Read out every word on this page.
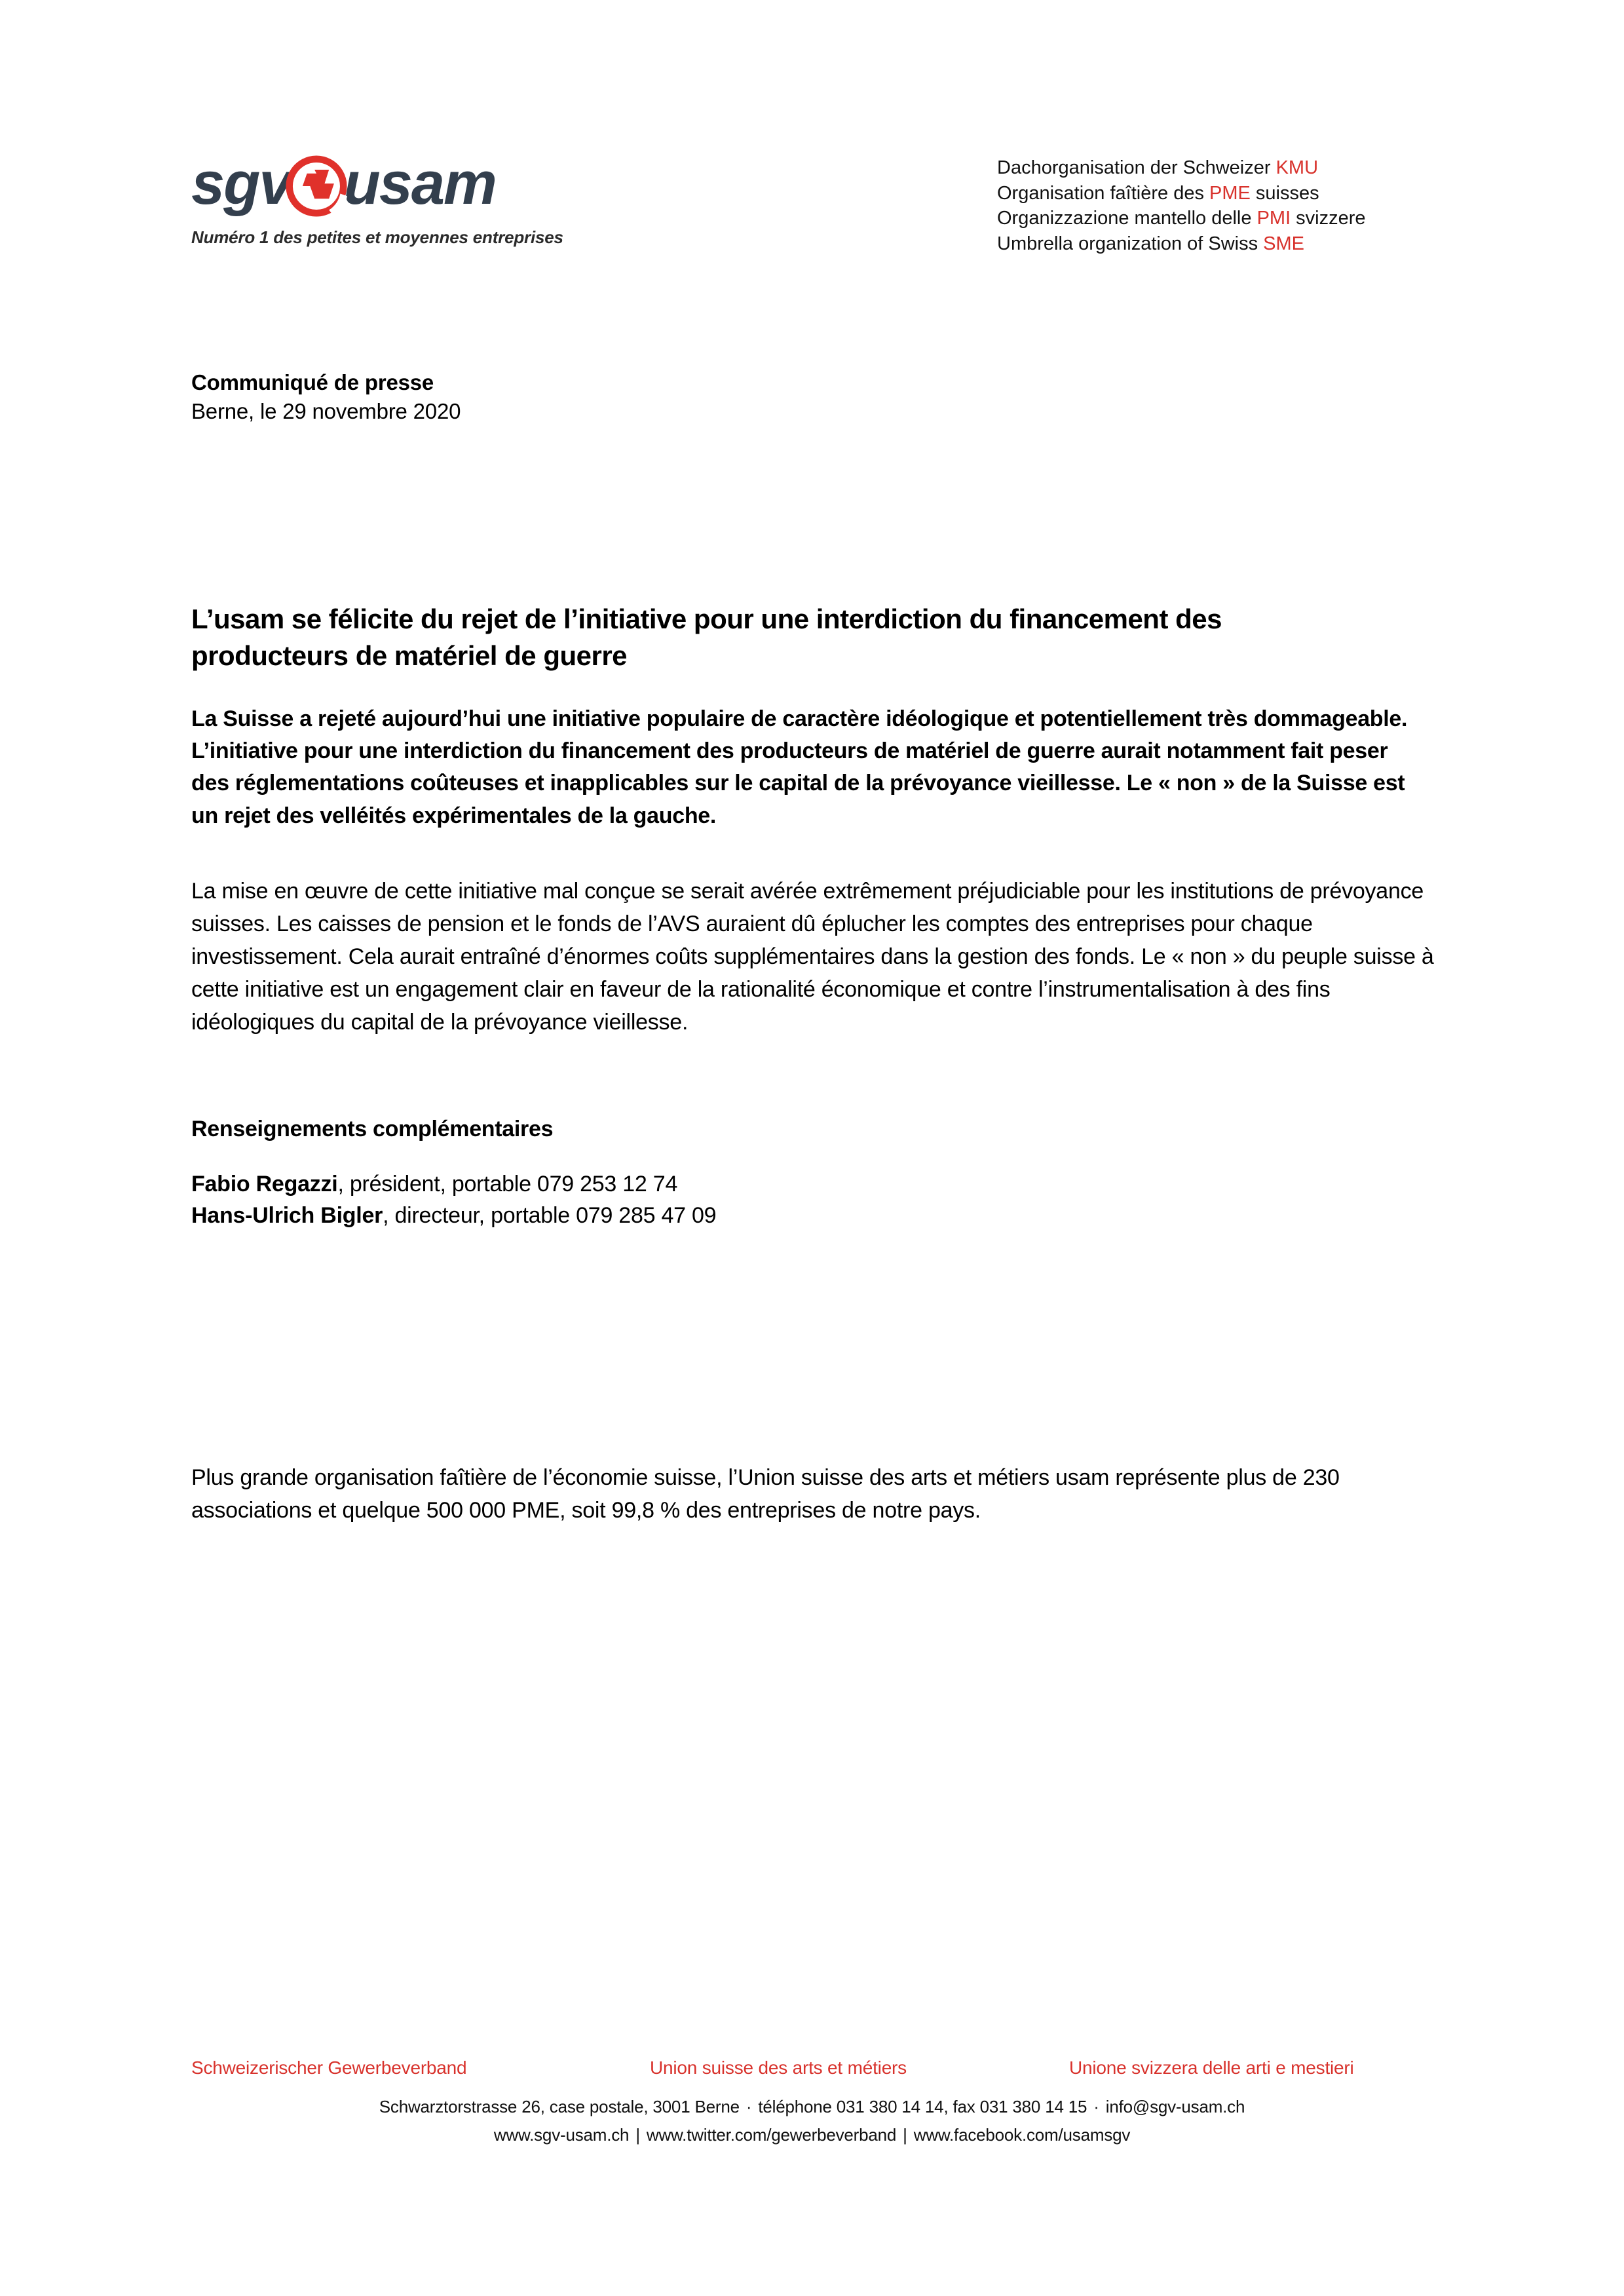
sgv usam
Numéro 1 des petites et moyennes entreprises
Dachorganisation der Schweizer KMU
Organisation faîtière des PME suisses
Organizzazione mantello delle PMI svizzere
Umbrella organization of Swiss SME
Communiqué de presse
Berne, le 29 novembre 2020
L’usam se félicite du rejet de l’initiative pour une interdiction du financement des producteurs de matériel de guerre

La Suisse a rejeté aujourd’hui une initiative populaire de caractère idéologique et potentiellement très dommageable. L’initiative pour une interdiction du financement des producteurs de matériel de guerre aurait notamment fait peser des réglementations coûteuses et inapplicables sur le capital de la prévoyance vieillesse. Le « non » de la Suisse est un rejet des velléités expérimentales de la gauche.

La mise en œuvre de cette initiative mal conçue se serait avérée extrêmement préjudiciable pour les institutions de prévoyance suisses. Les caisses de pension et le fonds de l’AVS auraient dû éplucher les comptes des entreprises pour chaque investissement. Cela aurait entraîné d’énormes coûts supplémentaires dans la gestion des fonds. Le « non » du peuple suisse à cette initiative est un engagement clair en faveur de la rationalité économique et contre l’instrumentalisation à des fins idéologiques du capital de la prévoyance vieillesse.

Renseignements complémentaires
Fabio Regazzi, président, portable 079 253 12 74
Hans-Ulrich Bigler, directeur, portable 079 285 47 09

Plus grande organisation faîtière de l’économie suisse, l’Union suisse des arts et métiers usam représente plus de 230 associations et quelque 500 000 PME, soit 99,8 % des entreprises de notre pays.

Schweizerischer Gewerbeverband	Union suisse des arts et métiers	Unione svizzera delle arti e mestieri
Schwarztorstrasse 26, case postale, 3001 Berne · téléphone 031 380 14 14, fax 031 380 14 15 · info@sgv-usam.ch
www.sgv-usam.ch | www.twitter.com/gewerbeverband | www.facebook.com/usamsgv
